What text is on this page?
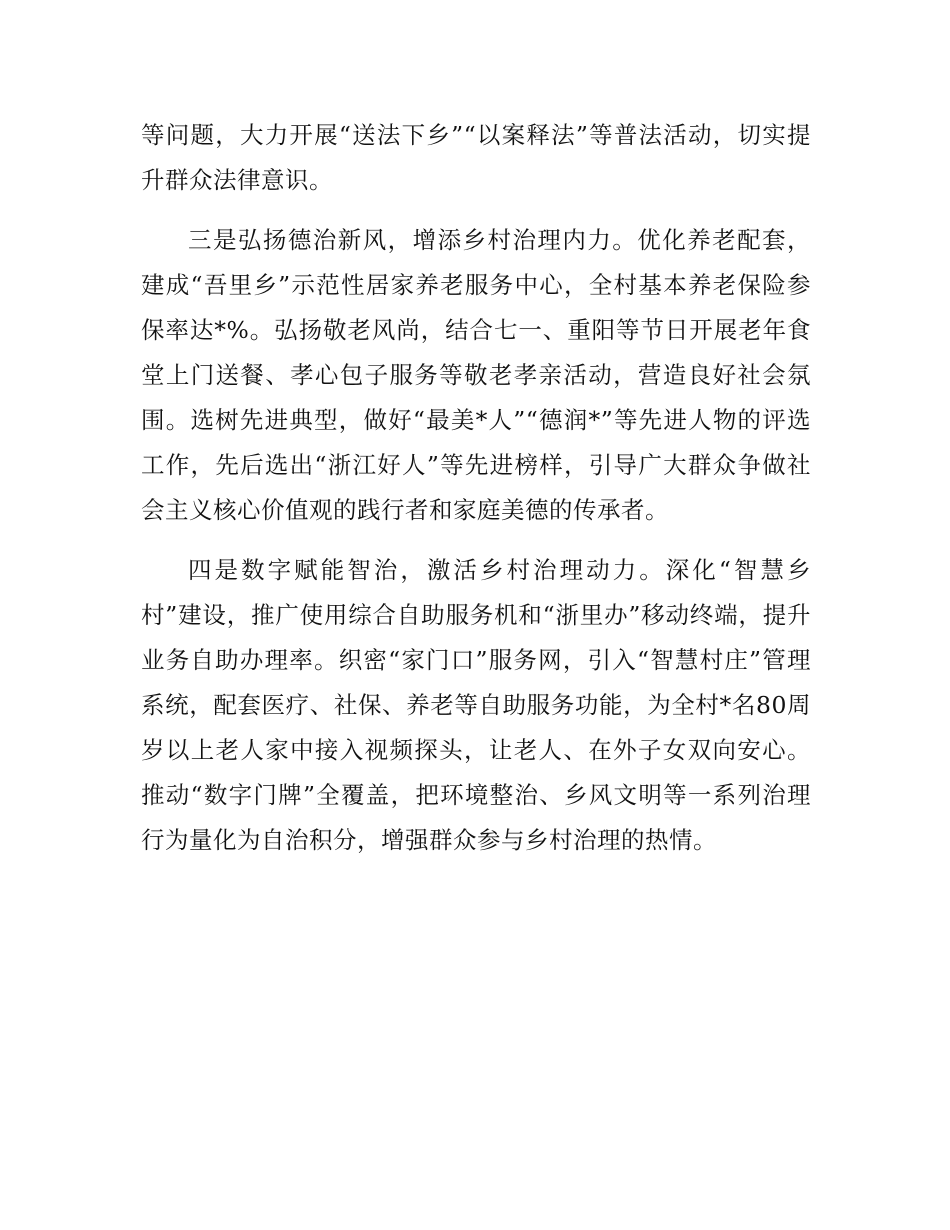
等问题，大力开展“送法下乡”“以案释法”等普法活动，切实提升群众法律意识。

三是弘扬德治新风，增添乡村治理内力。优化养老配套，建成“吾里乡”示范性居家养老服务中心，全村基本养老保险参保率达*%。弘扬敬老风尚，结合七一、重阳等节日开展老年食堂上门送餐、孝心包子服务等敬老孝亲活动，营造良好社会氛围。选树先进典型，做好“最美*人”“德润*”等先进人物的评选工作，先后选出“浙江好人”等先进榜样，引导广大群众争做社会主义核心价值观的践行者和家庭美德的传承者。

四是数字赋能智治，激活乡村治理动力。深化“智慧乡村”建设，推广使用综合自助服务机和“浙里办”移动终端，提升业务自助办理率。织密“家门口”服务网，引入“智慧村庄”管理系统，配套医疗、社保、养老等自助服务功能，为全村*名80周岁以上老人家中接入视频探头，让老人、在外子女双向安心。推动“数字门牌”全覆盖，把环境整治、乡风文明等一系列治理行为量化为自治积分，增强群众参与乡村治理的热情。
